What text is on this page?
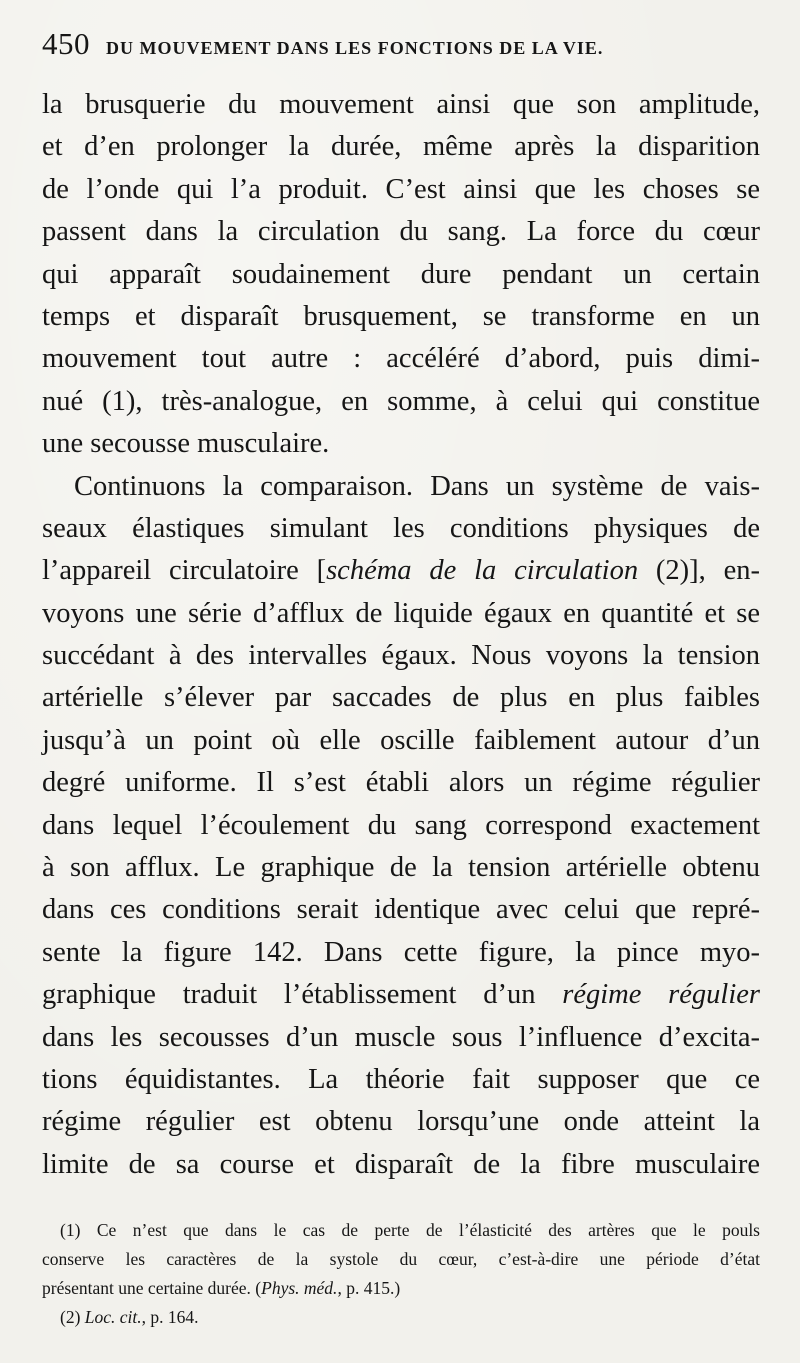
450 DU MOUVEMENT DANS LES FONCTIONS DE LA VIE.
la brusquerie du mouvement ainsi que son amplitude,
et d’en prolonger la durée, même après la disparition
de l’onde qui l’a produit. C’est ainsi que les choses se
passent dans la circulation du sang. La force du cœur
qui apparaît soudainement dure pendant un certain
temps et disparaît brusquement, se transforme en un
mouvement tout autre : accéléré d’abord, puis dimi-
nué (1), très-analogue, en somme, à celui qui constitue
une secousse musculaire.
Continuons la comparaison. Dans un système de vais-
seaux élastiques simulant les conditions physiques de
l’appareil circulatoire [schéma de la circulation (2)], en-
voyons une série d’afflux de liquide égaux en quantité et se
succédant à des intervalles égaux. Nous voyons la tension
artérielle s’élever par saccades de plus en plus faibles
jusqu’à un point où elle oscille faiblement autour d’un
degré uniforme. Il s’est établi alors un régime régulier
dans lequel l’écoulement du sang correspond exactement
à son afflux. Le graphique de la tension artérielle obtenu
dans ces conditions serait identique avec celui que repré-
sente la figure 142. Dans cette figure, la pince myo-
graphique traduit l’établissement d’un régime régulier
dans les secousses d’un muscle sous l’influence d’excita-
tions équidistantes. La théorie fait supposer que ce
régime régulier est obtenu lorsqu’une onde atteint la
limite de sa course et disparaît de la fibre musculaire
(1) Ce n’est que dans le cas de perte de l’élasticité des artères que le pouls
conserve les caractères de la systole du cœur, c’est-à-dire une période d’état
présentant une certaine durée. (Phys. méd., p. 415.)
(2) Loc. cit., p. 164.
